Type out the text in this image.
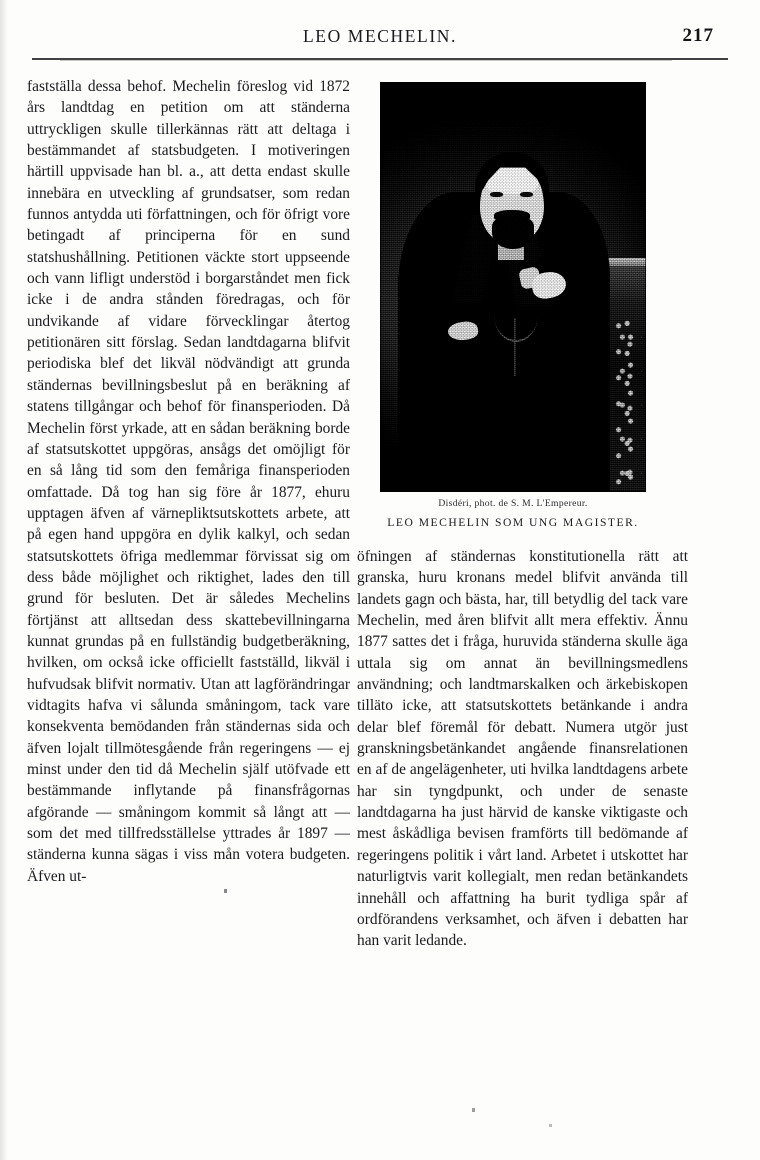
LEO MECHELIN.	217

fastställa dessa behof. Mechelin föreslog vid 1872 års landtdag en petition om att ständerna uttryckligen skulle tillerkännas rätt att deltaga i bestämmandet af statsbudgeten. I motiveringen härtill uppvisade han bl. a., att detta endast skulle innebära en utveckling af grundsatser, som redan funnos antydda uti författningen, och för öfrigt vore betingadt af principerna för en sund statshushållning. Petitionen väckte stort uppseende och vann lifligt understöd i borgarståndet men fick icke i de andra stånden föredragas, och för undvikande af vidare förvecklingar återtog petitionären sitt förslag. Sedan landtdagarna blifvit periodiska blef det likväl nödvändigt att grunda ständernas bevillningsbeslut på en beräkning af statens tillgångar och behof för finansperioden. Då Mechelin först yrkade, att en sådan beräkning borde af statsutskottet uppgöras, ansågs det omöjligt för en så lång tid som den femåriga finansperioden omfattade. Då tog han sig före år 1877, ehuru upptagen äfven af värnepliktsutskottets arbete, att på egen hand uppgöra en dylik kalkyl, och sedan statsutskottets öfriga medlemmar förvissat sig om dess både möjlighet och riktighet, lades den till grund för besluten. Det är således Mechelins förtjänst att alltsedan dess skattebevillningarna kunnat grundas på en fullständig budgetberäkning, hvilken, om också icke officiellt fastställd, likväl i hufvudsak blifvit normativ. Utan att lagförändringar vidtagits hafva vi sålunda småningom, tack vare konsekventa bemödanden från ständernas sida och äfven lojalt tillmötesgående från regeringens — ej minst under den tid då Mechelin själf utöfvade ett bestämmande inflytande på finansfrågornas afgörande — småningom kommit så långt att — som det med tillfredsställelse yttrades år 1897 — ständerna kunna sägas i viss mån votera budgeten. Äfven ut-

Disdéri, phot. de S. M. L'Empereur.
LEO MECHELIN SOM UNG MAGISTER.

öfningen af ständernas konstitutionella rätt att granska, huru kronans medel blifvit använda till landets gagn och bästa, har, till betydlig del tack vare Mechelin, med åren blifvit allt mera effektiv. Ännu 1877 sattes det i fråga, huruvida ständerna skulle äga uttala sig om annat än bevillningsmedlens användning; och landtmarskalken och ärkebiskopen tilläto icke, att statsutskottets betänkande i andra delar blef föremål för debatt. Numera utgör just granskningsbetänkandet angående finansrelationen en af de angelägenheter, uti hvilka landtdagens arbete har sin tyngdpunkt, och under de senaste landtdagarna ha just härvid de kanske viktigaste och mest åskådliga bevisen framförts till bedömande af regeringens politik i vårt land. Arbetet i utskottet har naturligtvis varit kollegialt, men redan betänkandets innehåll och affattning ha burit tydliga spår af ordförandens verksamhet, och äfven i debatten har han varit ledande.
